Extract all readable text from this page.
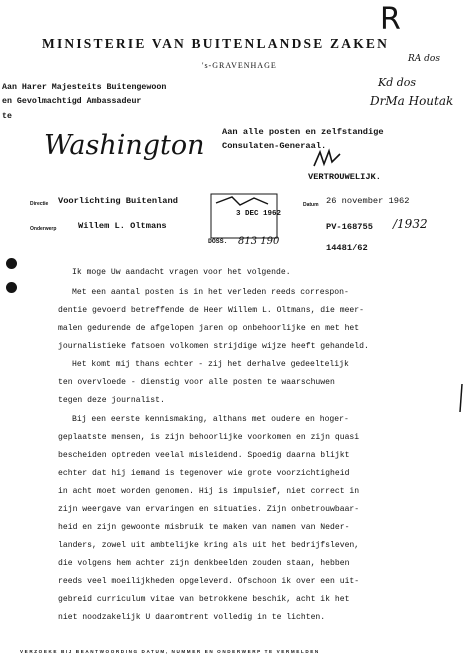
MINISTERIE VAN BUITENLANDSE ZAKEN
's-GRAVENHAGE
R
RA dos
Kd dos
DrMa Houtak
Aan Harer Majesteits Buitengewoon
en Gevolmachtigd Ambassadeur
te
Washington Aan alle posten en zelfstandige
Consulaten-Generaal.
VERTROUWELIJK.
Directie Voorlichting Buitenland	Datum 26 november 1962
Onderwerp Willem L. Oltmans	PV-168755 /1932
14481/62
3 DEC 1962
DOSS. 813 190
Ik moge Uw aandacht vragen voor het volgende.
Met een aantal posten is in het verleden reeds correspon-
dentie gevoerd betreffende de Heer Willem L. Oltmans, die meer-
malen gedurende de afgelopen jaren op onbehoorlijke en met het
journalistieke fatsoen volkomen strijdige wijze heeft gehandeld.
Het komt mij thans echter - zij het derhalve gedeeltelijk
ten overvloede - dienstig voor alle posten te waarschuwen
tegen deze journalist.
Bij een eerste kennismaking, althans met oudere en hoger-
geplaatste mensen, is zijn behoorlijke voorkomen en zijn quasi
bescheiden optreden veelal misleidend. Spoedig daarna blijkt
echter dat hij iemand is tegenover wie grote voorzichtigheid
in acht moet worden genomen. Hij is impulsief, niet correct in
zijn weergave van ervaringen en situaties. Zijn onbetrouwbaar-
heid en zijn gewoonte misbruik te maken van namen van Neder-
landers, zowel uit ambtelijke kring als uit het bedrijfsleven,
die volgens hem achter zijn denkbeelden zouden staan, hebben
reeds veel moeilijkheden opgeleverd. Ofschoon ik over een uit-
gebreid curriculum vitae van betrokkene beschik, acht ik het
niet noodzakelijk U daaromtrent volledig in te lichten.
VERZOEKE BIJ BEANTWOORDING DATUM, NUMMER EN ONDERWERP TE VERMELDEN
